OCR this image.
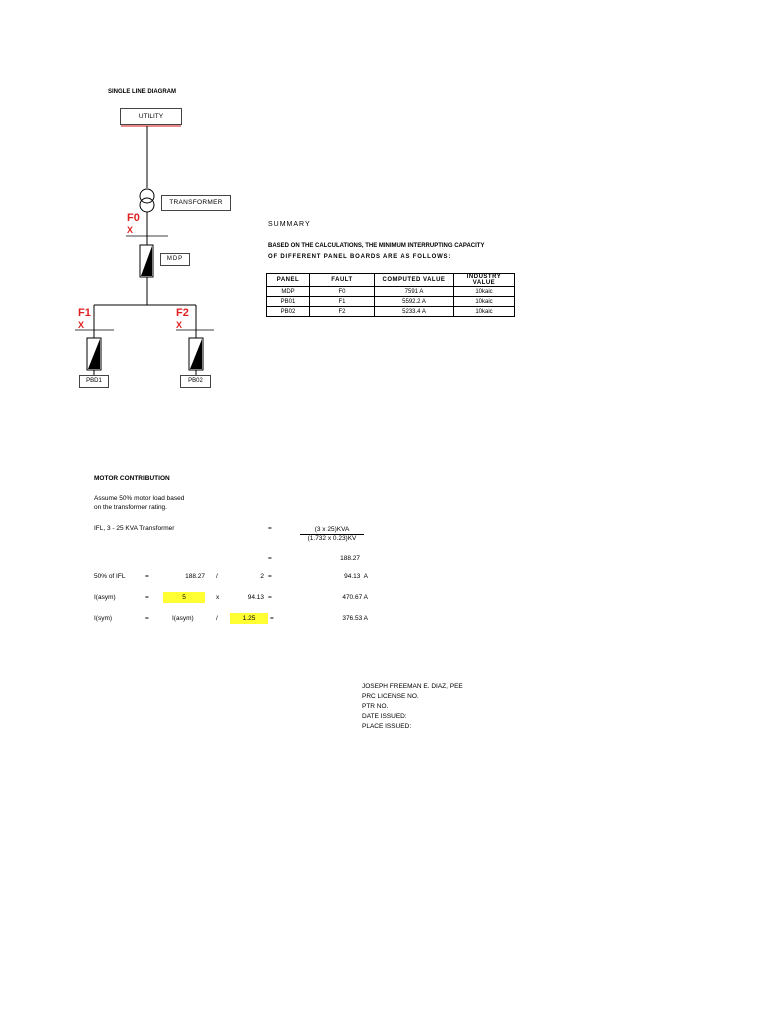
SINGLE LINE DIAGRAM
UTILITY
TRANSFORMER
MDP
PBD1	PB02
F0
X
F1
X
F2
X
SUMMARY
BASED ON THE CALCULATIONS, THE MINIMUM INTERRUPTING CAPACITY
OF DIFFERENT PANEL BOARDS ARE AS FOLLOWS:
PANEL	FAULT	COMPUTED VALUE	INDUSTRY VALUE
MDP	F0	7591 A	10kaic
PB01	F1	5592.2 A	10kaic
PB02	F2	5233.4 A	10kaic
MOTOR CONTRIBUTION
Assume 50% motor load based
on the transformer rating.
IFL, 3 - 25 KVA Transformer	=	(3 x 25)KVA
(1.732 x 0.23)KV
=	188.27
50% of IFL	=	188.27 /	2 =	94.13  A
I(asym)	=	5	x	94.13 =	470.67 A
I(sym)	=	I(asym)	/	1.25	=	376.53 A
JOSEPH FREEMAN E. DIAZ, PEE
PRC LICENSE NO.
PTR NO.
DATE ISSUED:
PLACE ISSUED:
